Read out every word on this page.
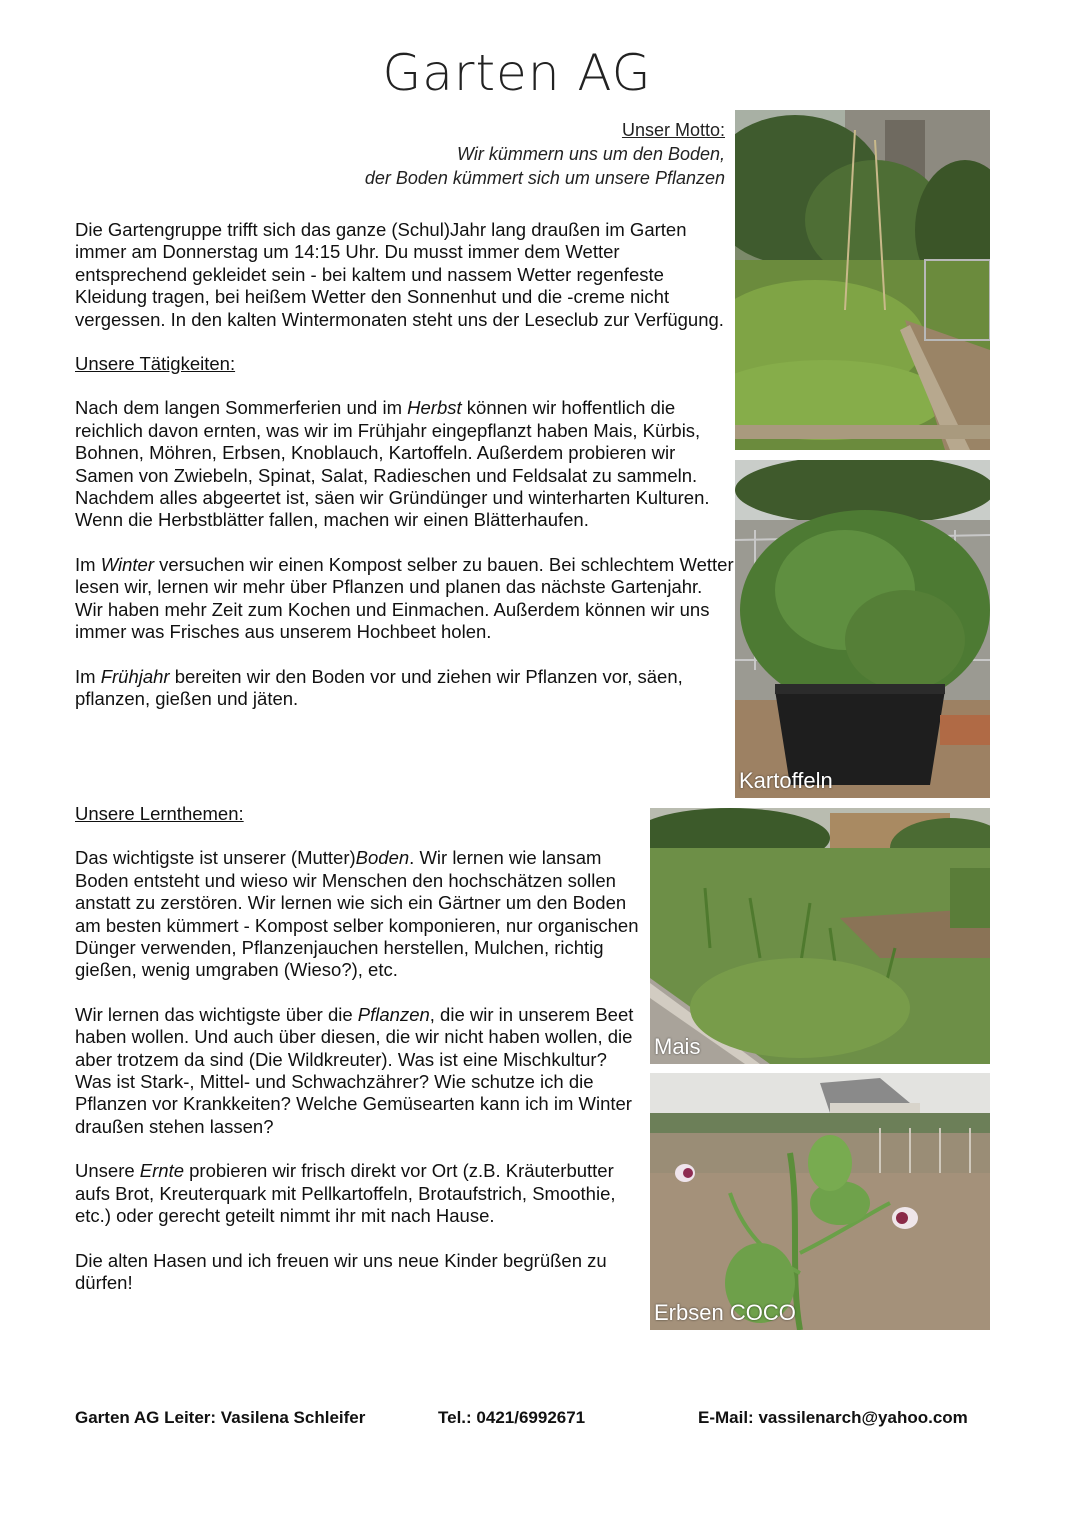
Garten AG
Unser Motto:
Wir kümmern uns um den Boden,
der Boden kümmert sich um unsere Pflanzen

Die Gartengruppe trifft sich das ganze (Schul)Jahr lang draußen im Garten immer am Donnerstag um 14:15 Uhr. Du musst immer dem Wetter entsprechend gekleidet sein - bei kaltem und nassem Wetter regenfeste Kleidung tragen, bei heißem Wetter den Sonnenhut und die -creme nicht vergessen. In den kalten Wintermonaten steht uns der Leseclub zur Verfügung.

Unsere Tätigkeiten:

Nach dem langen Sommerferien und im Herbst können wir hoffentlich die reichlich davon ernten, was wir im Frühjahr eingepflanzt haben Mais, Kürbis, Bohnen, Möhren, Erbsen, Knoblauch, Kartoffeln. Außerdem probieren wir Samen von Zwiebeln, Spinat, Salat, Radieschen und Feldsalat zu sammeln. Nachdem alles abgeertet ist, säen wir Gründünger und winterharten Kulturen. Wenn die Herbstblätter fallen, machen wir einen Blätterhaufen.

Im Winter versuchen wir einen Kompost selber zu bauen. Bei schlechtem Wetter lesen wir, lernen wir mehr über Pflanzen und planen das nächste Gartenjahr. Wir haben mehr Zeit zum Kochen und Einmachen. Außerdem können wir uns immer was Frisches aus unserem Hochbeet holen.

Im Frühjahr bereiten wir den Boden vor und ziehen wir Pflanzen vor, säen, pflanzen, gießen und jäten.

Unsere Lernthemen:

Das wichtigste ist unserer (Mutter)Boden. Wir lernen wie lansam Boden entsteht und wieso wir Menschen den hochschätzen sollen anstatt zu zerstören. Wir lernen wie sich ein Gärtner um den Boden am besten kümmert - Kompost selber komponieren, nur organischen Dünger verwenden, Pflanzenjauchen herstellen, Mulchen, richtig gießen, wenig umgraben (Wieso?), etc.

Wir lernen das wichtigste über die Pflanzen, die wir in unserem Beet haben wollen. Und auch über diesen, die wir nicht haben wollen, die aber trotzem da sind (Die Wildkreuter). Was ist eine Mischkultur? Was ist Stark-, Mittel- und Schwachzährer? Wie schutze ich die Pflanzen vor Krankkeiten? Welche Gemüsearten kann ich im Winter draußen stehen lassen?

Unsere Ernte probieren wir frisch direkt vor Ort (z.B. Kräuterbutter aufs Brot, Kreuterquark mit Pellkartoffeln, Brotaufstrich, Smoothie, etc.) oder gerecht geteilt nimmt ihr mit nach Hause.

Die alten Hasen und ich freuen wir uns neue Kinder begrüßen zu dürfen!

Kartoffeln
Mais
Erbsen COCO
Garten AG Leiter: Vasilena Schleifer	Tel.: 0421/6992671	E-Mail: vassilenarch@yahoo.com
